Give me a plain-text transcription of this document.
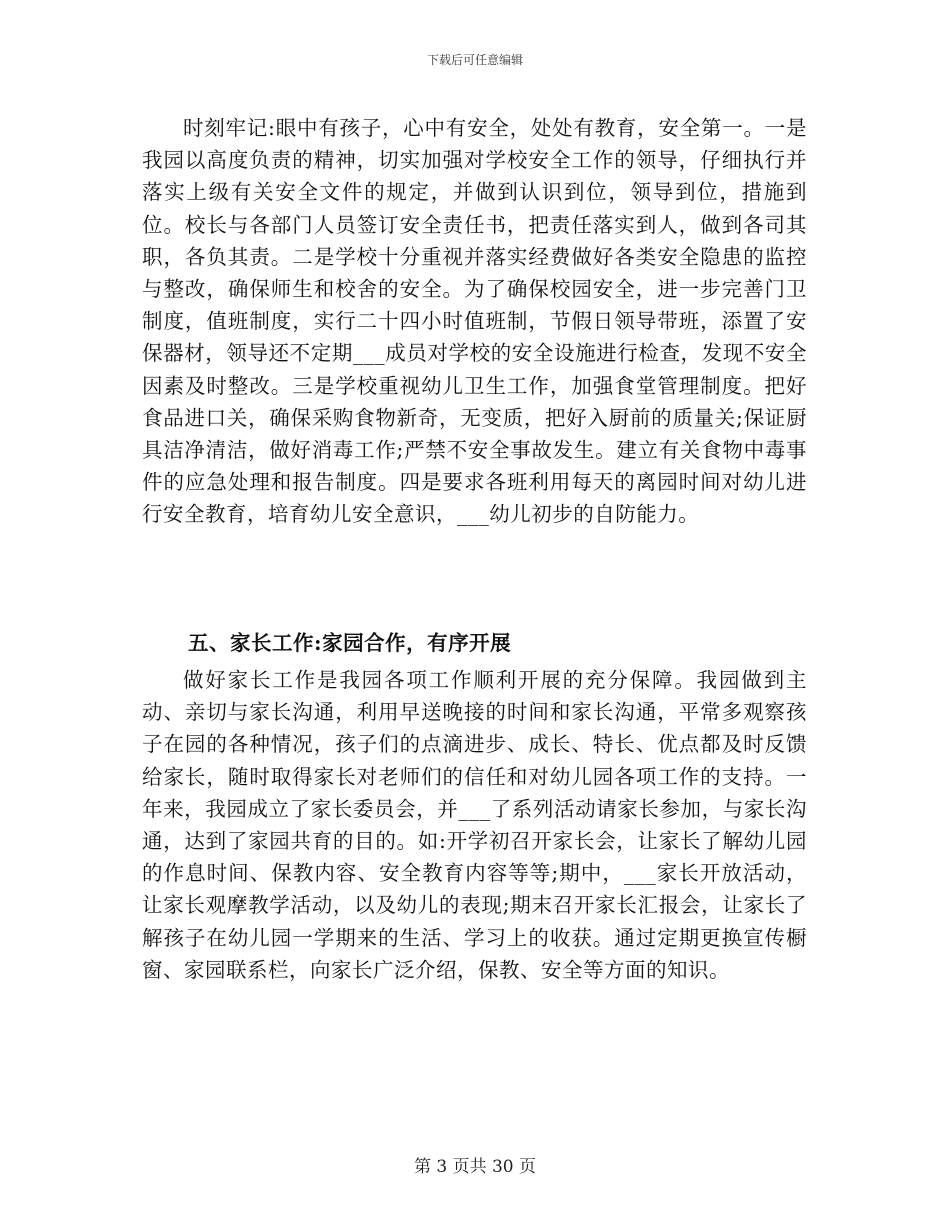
下载后可任意编辑

时刻牢记:眼中有孩子，心中有安全，处处有教育，安全第一。一是我园以高度负责的精神，切实加强对学校安全工作的领导，仔细执行并落实上级有关安全文件的规定，并做到认识到位，领导到位，措施到位。校长与各部门人员签订安全责任书，把责任落实到人，做到各司其职，各负其责。二是学校十分重视并落实经费做好各类安全隐患的监控与整改，确保师生和校舍的安全。为了确保校园安全，进一步完善门卫制度，值班制度，实行二十四小时值班制，节假日领导带班，添置了安保器材，领导还不定期___成员对学校的安全设施进行检查，发现不安全因素及时整改。三是学校重视幼儿卫生工作，加强食堂管理制度。把好食品进口关，确保采购食物新奇，无变质，把好入厨前的质量关;保证厨具洁净清洁，做好消毒工作;严禁不安全事故发生。建立有关食物中毒事件的应急处理和报告制度。四是要求各班利用每天的离园时间对幼儿进行安全教育，培育幼儿安全意识，___幼儿初步的自防能力。

五、家长工作:家园合作，有序开展

做好家长工作是我园各项工作顺利开展的充分保障。我园做到主动、亲切与家长沟通，利用早送晚接的时间和家长沟通，平常多观察孩子在园的各种情况，孩子们的点滴进步、成长、特长、优点都及时反馈给家长，随时取得家长对老师们的信任和对幼儿园各项工作的支持。一年来，我园成立了家长委员会，并___了系列活动请家长参加，与家长沟通，达到了家园共育的目的。如:开学初召开家长会，让家长了解幼儿园的作息时间、保教内容、安全教育内容等等;期中，___家长开放活动，让家长观摩教学活动，以及幼儿的表现;期末召开家长汇报会，让家长了解孩子在幼儿园一学期来的生活、学习上的收获。通过定期更换宣传橱窗、家园联系栏，向家长广泛介绍，保教、安全等方面的知识。

第 3 页共 30 页
